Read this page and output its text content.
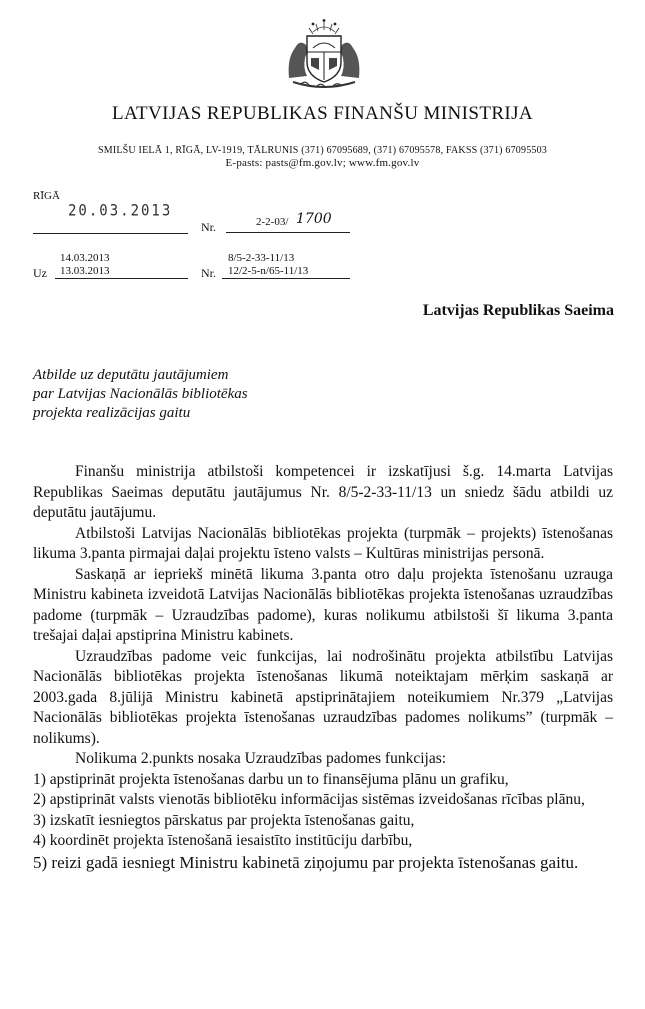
LATVIJAS REPUBLIKAS FINANŠU MINISTRIJA
SMILŠU IELĀ 1, RĪGĀ, LV-1919, TĀLRUNIS (371) 67095689, (371) 67095578, FAKSS (371) 67095503
E-pasts: pasts@fm.gov.lv; www.fm.gov.lv
RĪGĀ
20.03.2013
Nr.	2-2-03/ 1700
14.03.2013
Uz 13.03.2013
8/5-2-33-11/13
Nr. 12/2-5-n/65-11/13
Latvijas Republikas Saeima
Atbilde uz deputātu jautājumiem
par Latvijas Nacionālās bibliotēkas
projekta realizācijas gaitu

Finanšu ministrija atbilstoši kompetencei ir izskatījusi š.g. 14.marta Latvijas Republikas Saeimas deputātu jautājumus Nr. 8/5-2-33-11/13 un sniedz šādu atbildi uz deputātu jautājumu.

Atbilstoši Latvijas Nacionālās bibliotēkas projekta (turpmāk – projekts) īstenošanas likuma 3.panta pirmajai daļai projektu īsteno valsts – Kultūras ministrijas personā.

Saskaņā ar iepriekš minētā likuma 3.panta otro daļu projekta īstenošanu uzrauga Ministru kabineta izveidotā Latvijas Nacionālās bibliotēkas projekta īstenošanas uzraudzības padome (turpmāk – Uzraudzības padome), kuras nolikumu atbilstoši šī likuma 3.panta trešajai daļai apstiprina Ministru kabinets.

Uzraudzības padome veic funkcijas, lai nodrošinātu projekta atbilstību Latvijas Nacionālās bibliotēkas projekta īstenošanas likumā noteiktajam mērķim saskaņā ar 2003.gada 8.jūlijā Ministru kabinetā apstiprinātajiem noteikumiem Nr.379 „Latvijas Nacionālās bibliotēkas projekta īstenošanas uzraudzības padomes nolikums” (turpmāk – nolikums).

Nolikuma 2.punkts nosaka Uzraudzības padomes funkcijas:

1) apstiprināt projekta īstenošanas darbu un to finansējuma plānu un grafiku,
2) apstiprināt valsts vienotās bibliotēku informācijas sistēmas izveidošanas rīcības plānu,
3) izskatīt iesniegtos pārskatus par projekta īstenošanas gaitu,
4) koordinēt projekta īstenošanā iesaistīto institūciju darbību,
5) reizi gadā iesniegt Ministru kabinetā ziņojumu par projekta īstenošanas gaitu.
